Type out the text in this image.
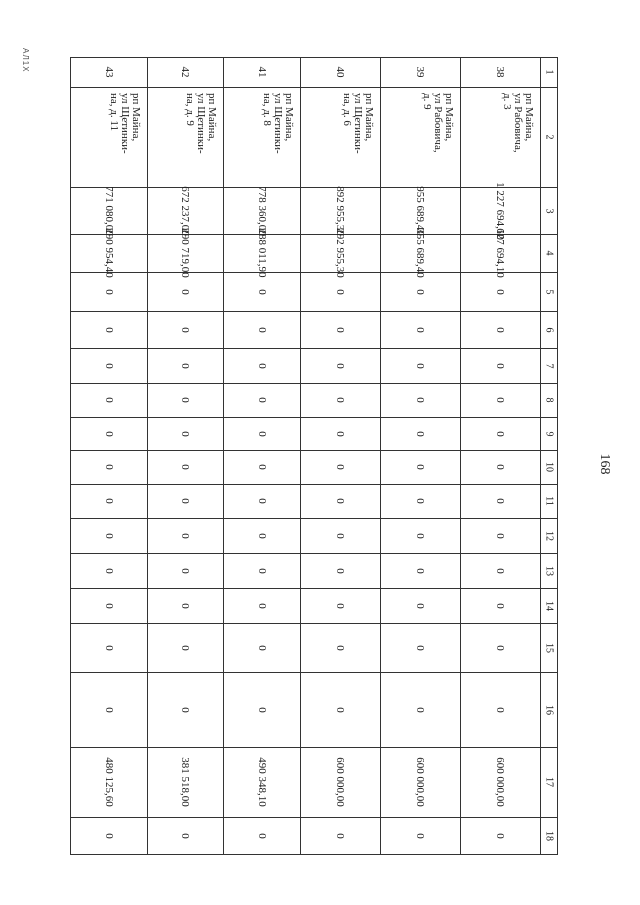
АЛ1Х
168
1
2
3
4
5
6
7
8
9
10
11
12
13
14
15
16
17
18
43
рп Майна,
ул Щетинки-
на, д. 11
771 080,00
290 954,40
0
0
0
0
0
0
0
0
0
0
0
0
480 125,60
0
42
рп Майна,
ул Щетинки-
на, д. 9
672 237,00
290 719,00
0
0
0
0
0
0
0
0
0
0
0
0
381 518,00
0
41
рп Майна,
ул Щетинки-
на, д. 8
778 360,00
288 011,90
0
0
0
0
0
0
0
0
0
0
0
0
490 348,10
0
40
рп Майна,
ул Щетинки-
на, д. 6
892 955,30
292 955,30
0
0
0
0
0
0
0
0
0
0
0
0
600 000,00
0
39
рп Майна,
ул Рабовича,
д. 9
955 689,40
355 689,40
0
0
0
0
0
0
0
0
0
0
0
0
600 000,00
0
38
рп Майна,
ул Рабовича,
д. 3
1 227 694,10
627 694,10
0
0
0
0
0
0
0
0
0
0
0
0
600 000,00
0
